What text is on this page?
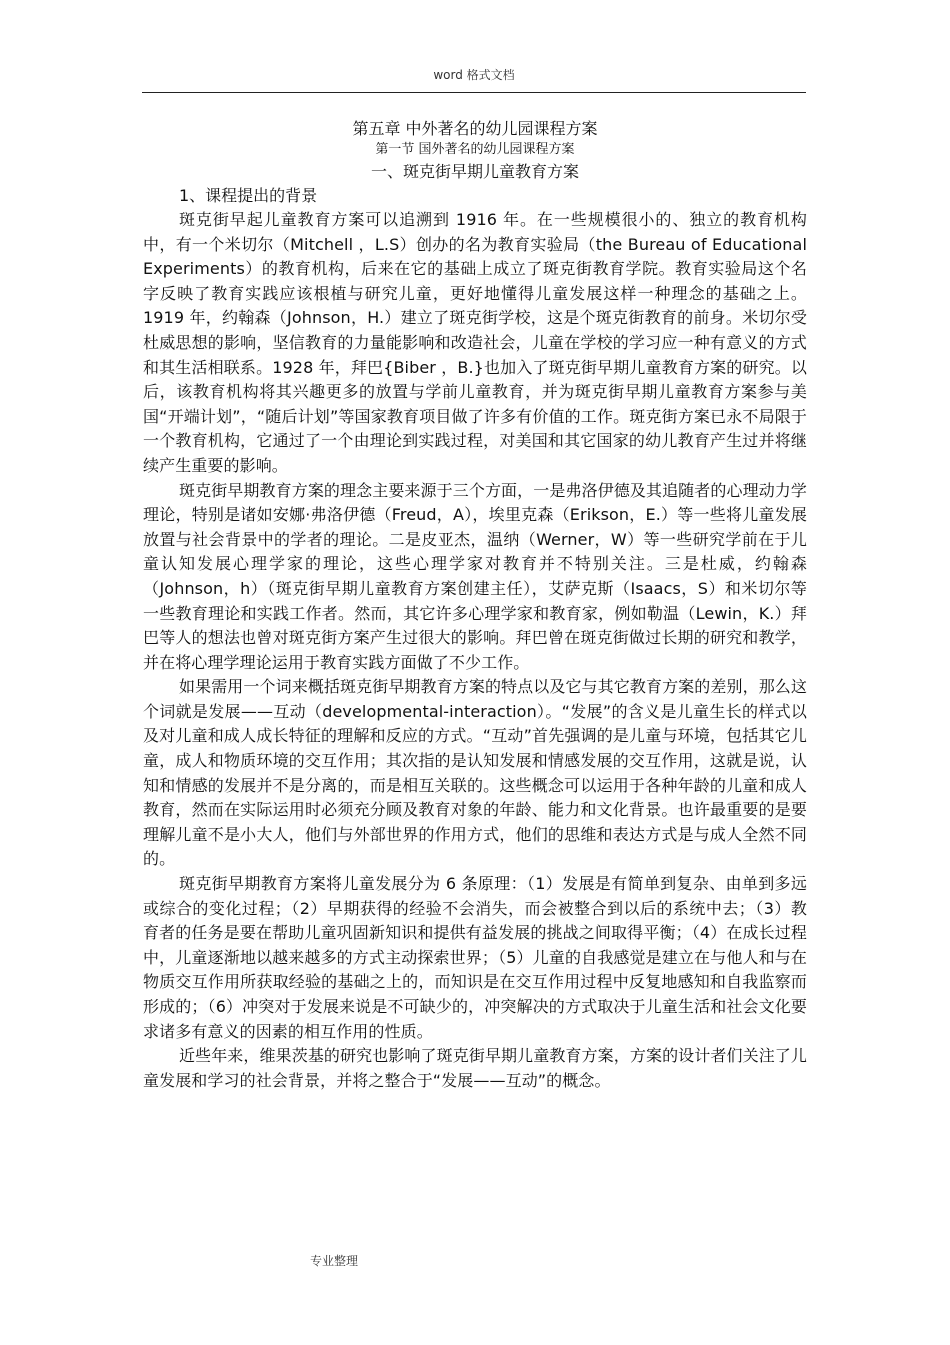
word 格式文档
第五章 中外著名的幼儿园课程方案
第一节 国外著名的幼儿园课程方案
一、斑克街早期儿童教育方案

1、课程提出的背景

斑克街早起儿童教育方案可以追溯到 1916 年。在一些规模很小的、独立的教育机构中，有一个米切尔（Mitchell ，L.S）创办的名为教育实验局（the Bureau of Educational Experiments）的教育机构，后来在它的基础上成立了斑克街教育学院。教育实验局这个名字反映了教育实践应该根植与研究儿童，更好地懂得儿童发展这样一种理念的基础之上。 1919 年，约翰森（Johnson，H.）建立了斑克街学校，这是个斑克街教育的前身。米切尔受杜威思想的影响，坚信教育的力量能影响和改造社会，儿童在学校的学习应一种有意义的方式和其生活相联系。1928 年，拜巴{Biber ，B.}也加入了斑克街早期儿童教育方案的研究。以后，该教育机构将其兴趣更多的放置与学前儿童教育，并为斑克街早期儿童教育方案参与美国“开端计划”，“随后计划”等国家教育项目做了许多有价值的工作。斑克街方案已永不局限于一个教育机构，它通过了一个由理论到实践过程，对美国和其它国家的幼儿教育产生过并将继续产生重要的影响。

斑克街早期教育方案的理念主要来源于三个方面，一是弗洛伊德及其追随者的心理动力学理论，特别是诸如安娜·弗洛伊德（Freud，A），埃里克森（Erikson，E.）等一些将儿童发展放置与社会背景中的学者的理论。二是皮亚杰，温纳（Werner，W）等一些研究学前在于儿童认知发展心理学家的理论，这些心理学家对教育并不特别关注。三是杜威，约翰森（Johnson，h）（斑克街早期儿童教育方案创建主任），艾萨克斯（Isaacs，S）和米切尔等一些教育理论和实践工作者。然而，其它许多心理学家和教育家，例如勒温（Lewin，K.）拜巴等人的想法也曾对斑克街方案产生过很大的影响。拜巴曾在斑克街做过长期的研究和教学，并在将心理学理论运用于教育实践方面做了不少工作。

如果需用一个词来概括斑克街早期教育方案的特点以及它与其它教育方案的差别，那么这个词就是发展——互动（developmental-interaction）。“发展”的含义是儿童生长的样式以及对儿童和成人成长特征的理解和反应的方式。“互动”首先强调的是儿童与环境，包括其它儿童，成人和物质环境的交互作用；其次指的是认知发展和情感发展的交互作用，这就是说，认知和情感的发展并不是分离的，而是相互关联的。这些概念可以运用于各种年龄的儿童和成人教育，然而在实际运用时必须充分顾及教育对象的年龄、能力和文化背景。也许最重要的是要理解儿童不是小大人，他们与外部世界的作用方式，他们的思维和表达方式是与成人全然不同的。

斑克街早期教育方案将儿童发展分为 6 条原理：（1）发展是有简单到复杂、由单到多远或综合的变化过程；（2）早期获得的经验不会消失，而会被整合到以后的系统中去；（3）教育者的任务是要在帮助儿童巩固新知识和提供有益发展的挑战之间取得平衡；（4）在成长过程中，儿童逐渐地以越来越多的方式主动探索世界；（5）儿童的自我感觉是建立在与他人和与在物质交互作用所获取经验的基础之上的，而知识是在交互作用过程中反复地感知和自我监察而形成的；（6）冲突对于发展来说是不可缺少的，冲突解决的方式取决于儿童生活和社会文化要求诸多有意义的因素的相互作用的性质。

近些年来，维果茨基的研究也影响了斑克街早期儿童教育方案，方案的设计者们关注了儿童发展和学习的社会背景，并将之整合于“发展——互动”的概念。

专业整理
